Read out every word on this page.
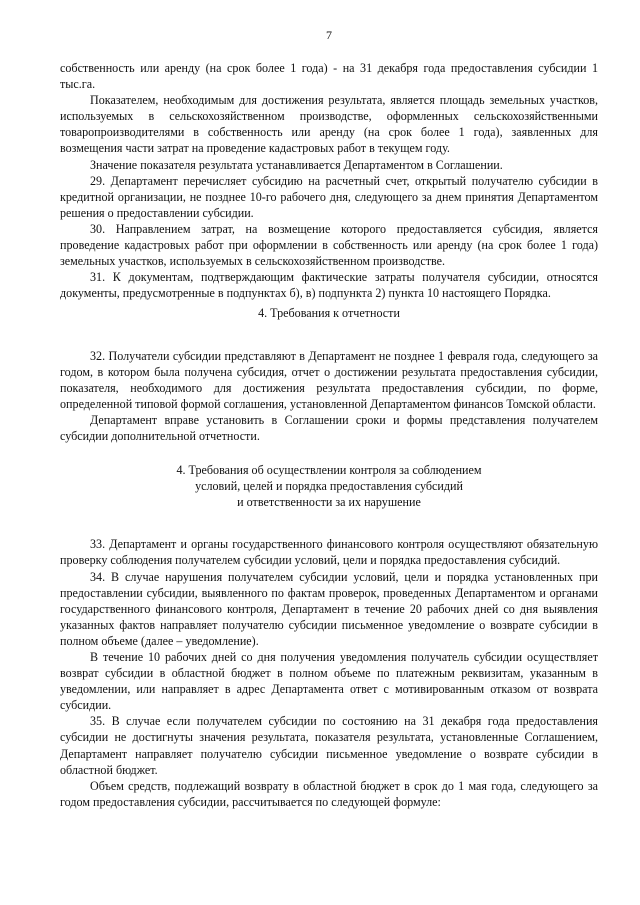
7

собственность или аренду (на срок более 1 года) - на 31 декабря года предоставления субсидии 1 тыс.га.

Показателем, необходимым для достижения результата, является площадь земельных участков, используемых в сельскохозяйственном производстве, оформленных сельскохозяйственными товаропроизводителями в собственность или аренду (на срок более 1 года), заявленных для возмещения части затрат на проведение кадастровых работ в текущем году.

Значение показателя результата устанавливается Департаментом в Соглашении.

29. Департамент перечисляет субсидию на расчетный счет, открытый получателю субсидии в кредитной организации, не позднее 10-го рабочего дня, следующего за днем принятия Департаментом решения о предоставлении субсидии.

30. Направлением затрат, на возмещение которого предоставляется субсидия, является проведение кадастровых работ при оформлении в собственность или аренду (на срок более 1 года) земельных участков, используемых в сельскохозяйственном производстве.

31. К документам, подтверждающим фактические затраты получателя субсидии, относятся документы, предусмотренные в подпунктах б), в) подпункта 2) пункта 10 настоящего Порядка.

4. Требования к отчетности

32. Получатели субсидии представляют в Департамент не позднее 1 февраля года, следующего за годом, в котором была получена субсидия, отчет о достижении результата предоставления субсидии, показателя, необходимого для достижения результата предоставления субсидии, по форме, определенной типовой формой соглашения, установленной Департаментом финансов Томской области.

Департамент вправе установить в Соглашении сроки и формы представления получателем субсидии дополнительной отчетности.

4. Требования об осуществлении контроля за соблюдением
условий, целей и порядка предоставления субсидий
и ответственности за их нарушение

33. Департамент и органы государственного финансового контроля осуществляют обязательную проверку соблюдения получателем субсидии условий, цели и порядка предоставления субсидий.

34. В случае нарушения получателем субсидии условий, цели и порядка установленных при предоставлении субсидии, выявленного по фактам проверок, проведенных Департаментом и органами государственного финансового контроля, Департамент в течение 20 рабочих дней со дня выявления указанных фактов направляет получателю субсидии письменное уведомление о возврате субсидии в полном объеме (далее – уведомление).

В течение 10 рабочих дней со дня получения уведомления получатель субсидии осуществляет возврат субсидии в областной бюджет в полном объеме по платежным реквизитам, указанным в уведомлении, или направляет в адрес Департамента ответ с мотивированным отказом от возврата субсидии.

35. В случае если получателем субсидии по состоянию на 31 декабря года предоставления субсидии не достигнуты значения результата, показателя результата, установленные Соглашением, Департамент направляет получателю субсидии письменное уведомление о возврате субсидии в областной бюджет.

Объем средств, подлежащий возврату в областной бюджет в срок до 1 мая года, следующего за годом предоставления субсидии, рассчитывается по следующей формуле:
